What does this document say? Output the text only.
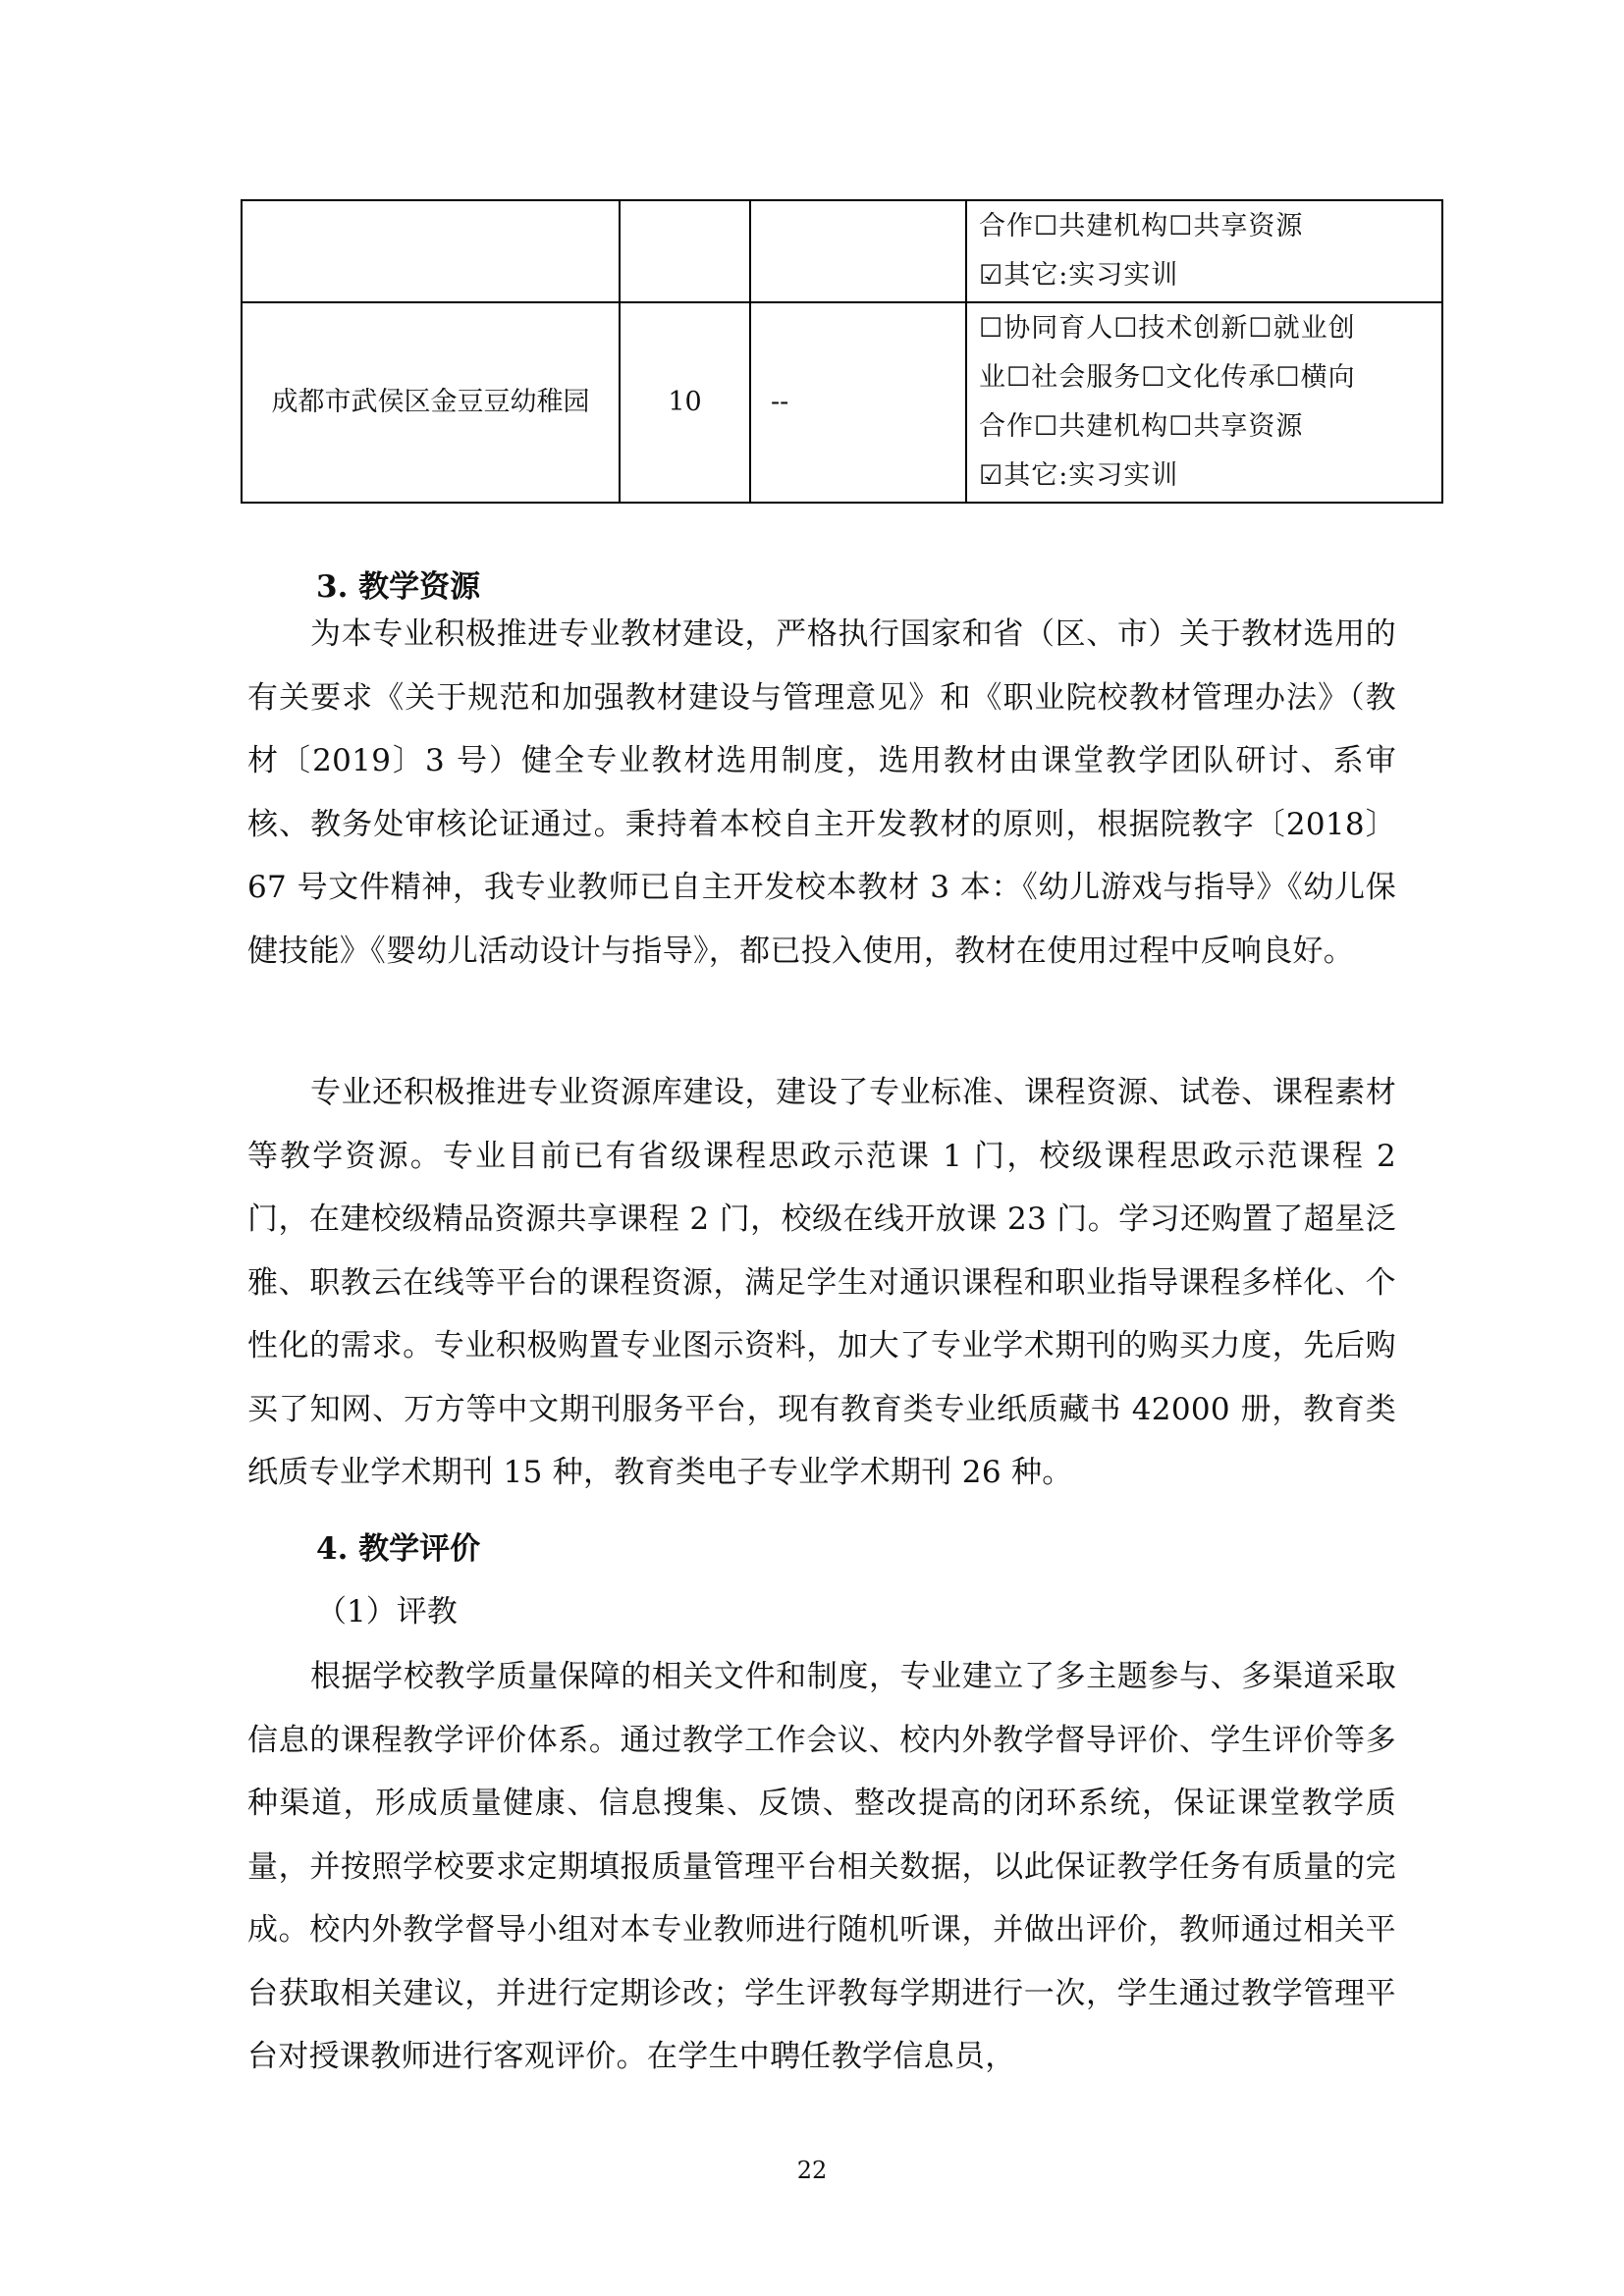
			合作☐共建机构☐共享资源
☑其它:实习实训

成都市武侯区金豆豆幼稚园	10	--	☐协同育人☐技术创新☐就业创
业☐社会服务☐文化传承☐横向
合作☐共建机构☐共享资源
☑其它:实习实训
3. 教学资源

为本专业积极推进专业教材建设，严格执行国家和省（区、市）关于教材选用的有关要求《关于规范和加强教材建设与管理意见》和《职业院校教材管理办法》（教材〔2019〕3 号）健全专业教材选用制度，选用教材由课堂教学团队研讨、系审核、教务处审核论证通过。秉持着本校自主开发教材的原则，根据院教字〔2018〕67 号文件精神，我专业教师已自主开发校本教材 3 本：《幼儿游戏与指导》《幼儿保健技能》《婴幼儿活动设计与指导》，都已投入使用，教材在使用过程中反响良好。

专业还积极推进专业资源库建设，建设了专业标准、课程资源、试卷、课程素材等教学资源。专业目前已有省级课程思政示范课 1 门，校级课程思政示范课程 2 门，在建校级精品资源共享课程 2 门，校级在线开放课 23 门。学习还购置了超星泛雅、职教云在线等平台的课程资源，满足学生对通识课程和职业指导课程多样化、个性化的需求。专业积极购置专业图示资料，加大了专业学术期刊的购买力度，先后购买了知网、万方等中文期刊服务平台，现有教育类专业纸质藏书 42000 册，教育类纸质专业学术期刊 15 种，教育类电子专业学术期刊 26 种。

4. 教学评价
（1）评教

根据学校教学质量保障的相关文件和制度，专业建立了多主题参与、多渠道采取信息的课程教学评价体系。通过教学工作会议、校内外教学督导评价、学生评价等多种渠道，形成质量健康、信息搜集、反馈、整改提高的闭环系统，保证课堂教学质量，并按照学校要求定期填报质量管理平台相关数据，以此保证教学任务有质量的完成。校内外教学督导小组对本专业教师进行随机听课，并做出评价，教师通过相关平台获取相关建议，并进行定期诊改；学生评教每学期进行一次，学生通过教学管理平台对授课教师进行客观评价。在学生中聘任教学信息员，

22
